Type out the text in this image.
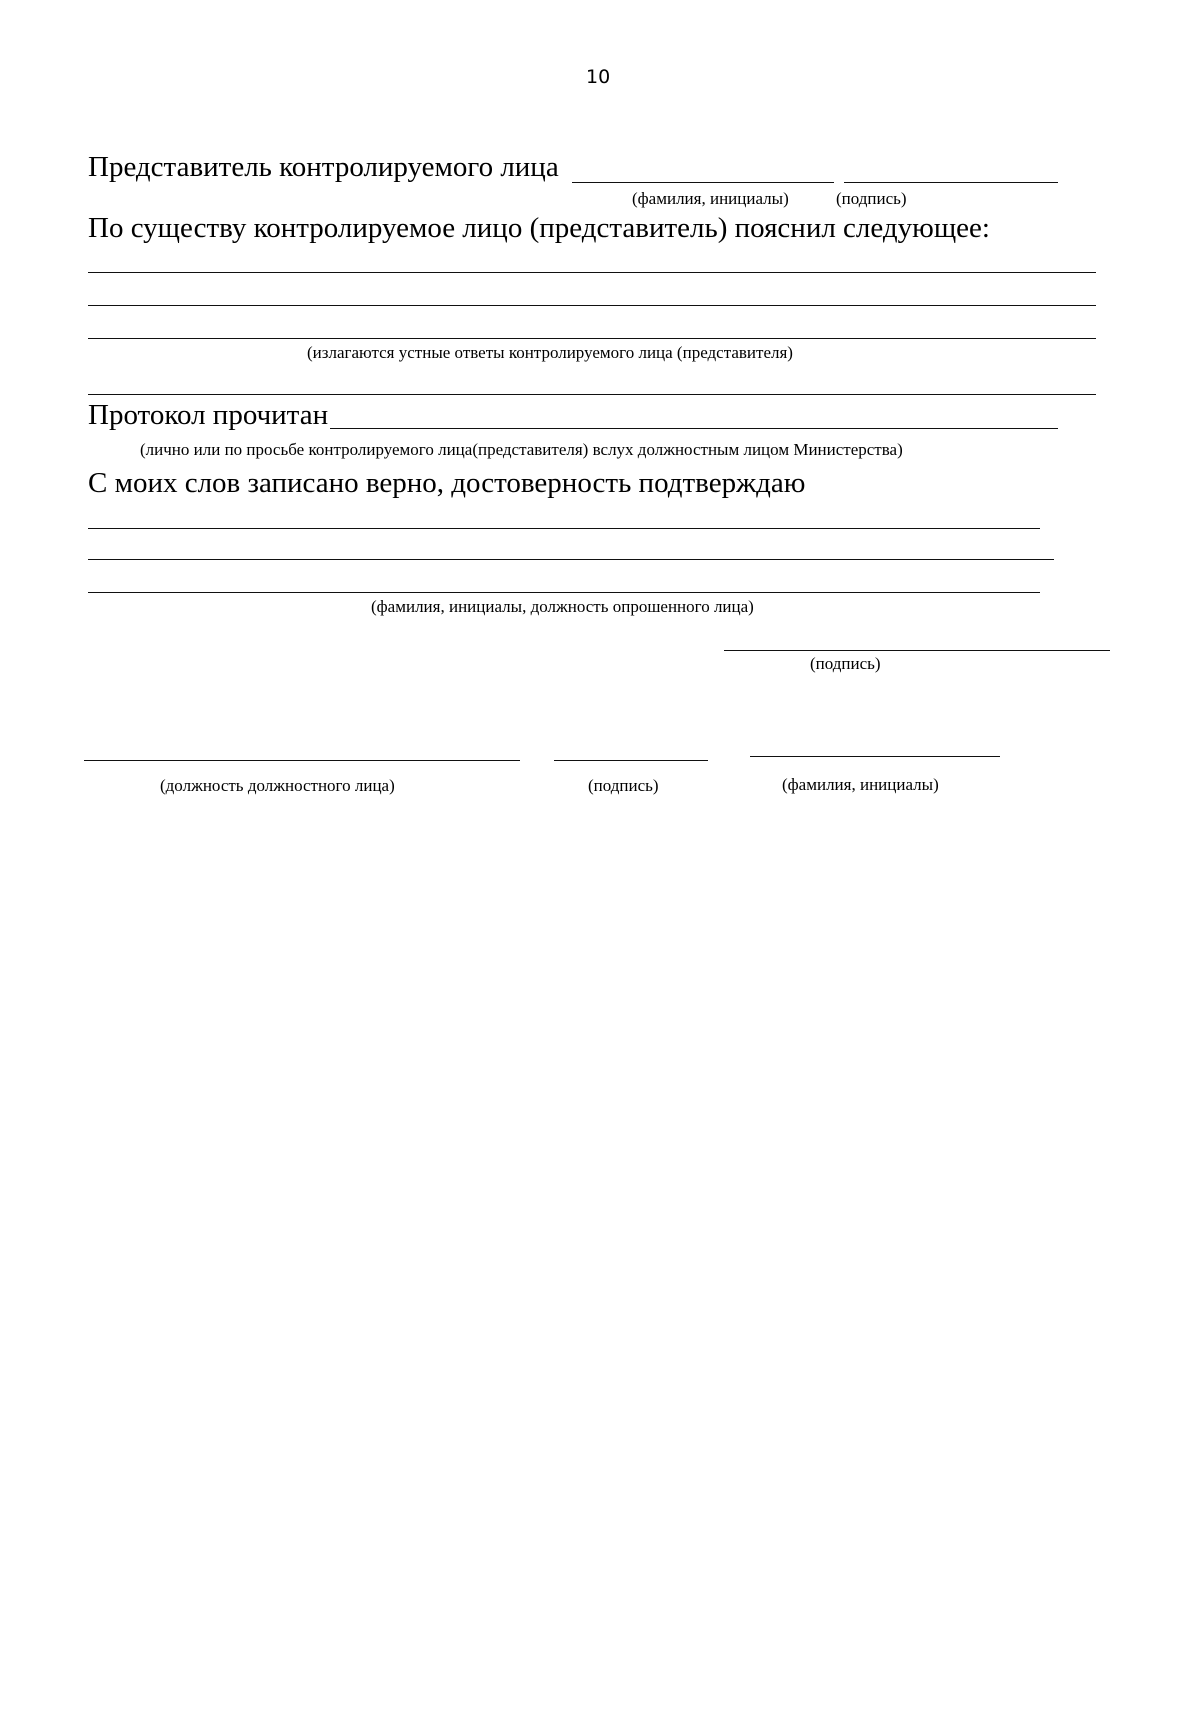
10
Представитель контролируемого лица
(фамилия, инициалы)	(подпись)
По существу контролируемое лицо (представитель) пояснил следующее:
(излагаются устные ответы контролируемого лица (представителя)
Протокол прочитан
(лично или по просьбе контролируемого лица(представителя) вслух должностным лицом Министерства)
С моих слов записано верно, достоверность подтверждаю
(фамилия, инициалы, должность опрошенного лица)
(подпись)
(должность должностного лица)	(подпись)	(фамилия, инициалы)
